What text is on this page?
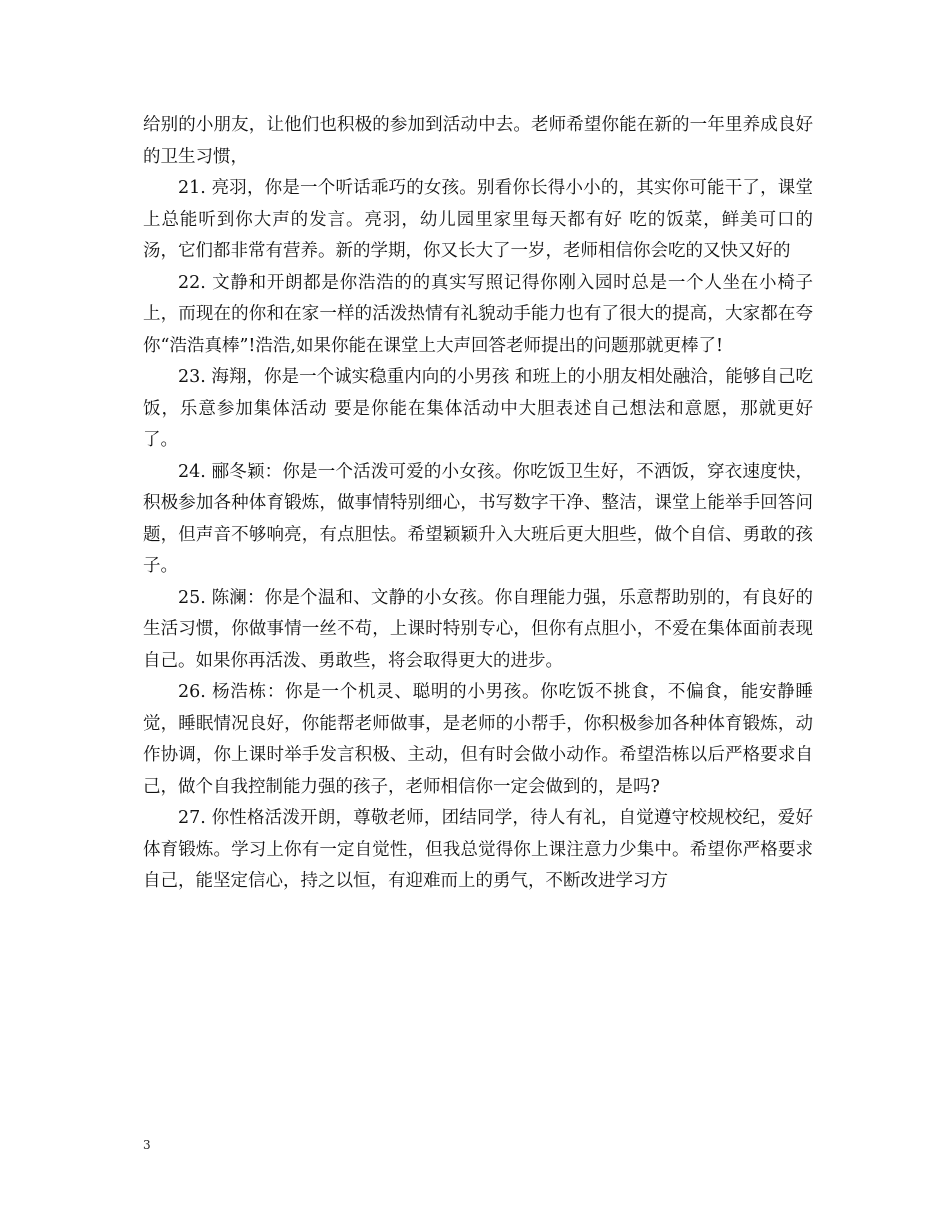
给别的小朋友，让他们也积极的参加到活动中去。老师希望你能在新的一年里养成良好的卫生习惯，

21. 亮羽，你是一个听话乖巧的女孩。别看你长得小小的，其实你可能干了，课堂上总能听到你大声的发言。亮羽，幼儿园里家里每天都有好 吃的饭菜，鲜美可口的汤，它们都非常有营养。新的学期，你又长大了一岁，老师相信你会吃的又快又好的

22. 文静和开朗都是你浩浩的的真实写照记得你刚入园时总是一个人坐在小椅子上，而现在的你和在家一样的活泼热情有礼貌动手能力也有了很大的提高，大家都在夸你“浩浩真棒”!浩浩,如果你能在课堂上大声回答老师提出的问题那就更棒了!

23. 海翔，你是一个诚实稳重内向的小男孩 和班上的小朋友相处融洽，能够自己吃饭，乐意参加集体活动 要是你能在集体活动中大胆表述自己想法和意愿，那就更好了。

24. 郦冬颖：你是一个活泼可爱的小女孩。你吃饭卫生好，不洒饭，穿衣速度快，积极参加各种体育锻炼，做事情特别细心，书写数字干净、整洁，课堂上能举手回答问题，但声音不够响亮，有点胆怯。希望颖颖升入大班后更大胆些，做个自信、勇敢的孩子。

25. 陈澜：你是个温和、文静的小女孩。你自理能力强，乐意帮助别的，有良好的生活习惯，你做事情一丝不苟，上课时特别专心，但你有点胆小，不爱在集体面前表现自己。如果你再活泼、勇敢些，将会取得更大的进步。

26. 杨浩栋：你是一个机灵、聪明的小男孩。你吃饭不挑食，不偏食，能安静睡觉，睡眠情况良好，你能帮老师做事，是老师的小帮手，你积极参加各种体育锻炼，动作协调，你上课时举手发言积极、主动，但有时会做小动作。希望浩栋以后严格要求自己，做个自我控制能力强的孩子，老师相信你一定会做到的，是吗?

27. 你性格活泼开朗，尊敬老师，团结同学，待人有礼，自觉遵守校规校纪，爱好体育锻炼。学习上你有一定自觉性，但我总觉得你上课注意力少集中。希望你严格要求自己，能坚定信心，持之以恒，有迎难而上的勇气，不断改进学习方

3
